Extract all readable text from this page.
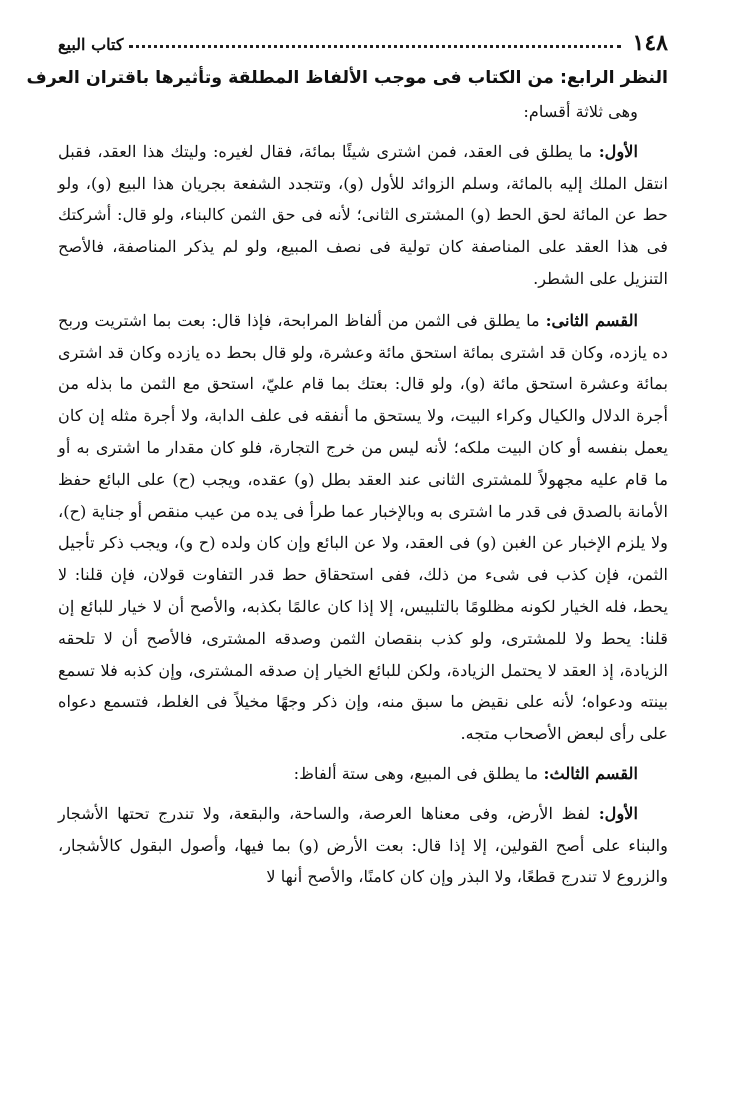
١٤٨
كتاب البيع
النظر الرابع: من الكتاب فى موجب الألفاظ المطلقة وتأثيرها باقتران العرف

وهى ثلاثة أقسام:

الأول: ما يطلق فى العقد، فمن اشترى شيئًا بمائة، فقال لغيره: وليتك هذا العقد، فقبل انتقل الملك إليه بالمائة، وسلم الزوائد للأول (و)، وتتجدد الشفعة بجريان هذا البيع (و)، ولو حط عن المائة لحق الحط (و) المشترى الثانى؛ لأنه فى حق الثمن كالبناء، ولو قال: أشركتك فى هذا العقد على المناصفة كان تولية فى نصف المبيع، ولو لم يذكر المناصفة، فالأصح التنزيل على الشطر.

القسم الثانى: ما يطلق فى الثمن من ألفاظ المرابحة، فإذا قال: بعت بما اشتريت وربح ده يازده، وكان قد اشترى بمائة استحق مائة وعشرة، ولو قال بحط ده يازده وكان قد اشترى بمائة وعشرة استحق مائة (و)، ولو قال: بعتك بما قام عليّ، استحق مع الثمن ما بذله من أجرة الدلال والكيال وكراء البيت، ولا يستحق ما أنفقه فى علف الدابة، ولا أجرة مثله إن كان يعمل بنفسه أو كان البيت ملكه؛ لأنه ليس من خرج التجارة، فلو كان مقدار ما اشترى به أو ما قام عليه مجهولاً للمشترى الثانى عند العقد بطل (و) عقده، ويجب (ح) على البائع حفظ الأمانة بالصدق فى قدر ما اشترى به وبالإخبار عما طرأ فى يده من عيب منقص أو جناية (ح)، ولا يلزم الإخبار عن الغبن (و) فى العقد، ولا عن البائع وإن كان ولده (ح و)، ويجب ذكر تأجيل الثمن، فإن كذب فى شىء من ذلك، ففى استحقاق حط قدر التفاوت قولان، فإن قلنا: لا يحط، فله الخيار لكونه مظلومًا بالتلبيس، إلا إذا كان عالمًا بكذبه، والأصح أن لا خيار للبائع إن قلنا: يحط ولا للمشترى، ولو كذب بنقصان الثمن وصدقه المشترى، فالأصح أن لا تلحقه الزيادة، إذ العقد لا يحتمل الزيادة، ولكن للبائع الخيار إن صدقه المشترى، وإن كذبه فلا تسمع بينته ودعواه؛ لأنه على نقيض ما سبق منه، وإن ذكر وجهًا مخيلاً فى الغلط، فتسمع دعواه على رأى لبعض الأصحاب متجه.

القسم الثالث: ما يطلق فى المبيع، وهى ستة ألفاظ:

الأول: لفظ الأرض، وفى معناها العرصة، والساحة، والبقعة، ولا تندرج تحتها الأشجار والبناء على أصح القولين، إلا إذا قال: بعت الأرض (و) بما فيها، وأصول البقول كالأشجار، والزروع لا تندرج قطعًا، ولا البذر وإن كان كامنًا، والأصح أنها لا
